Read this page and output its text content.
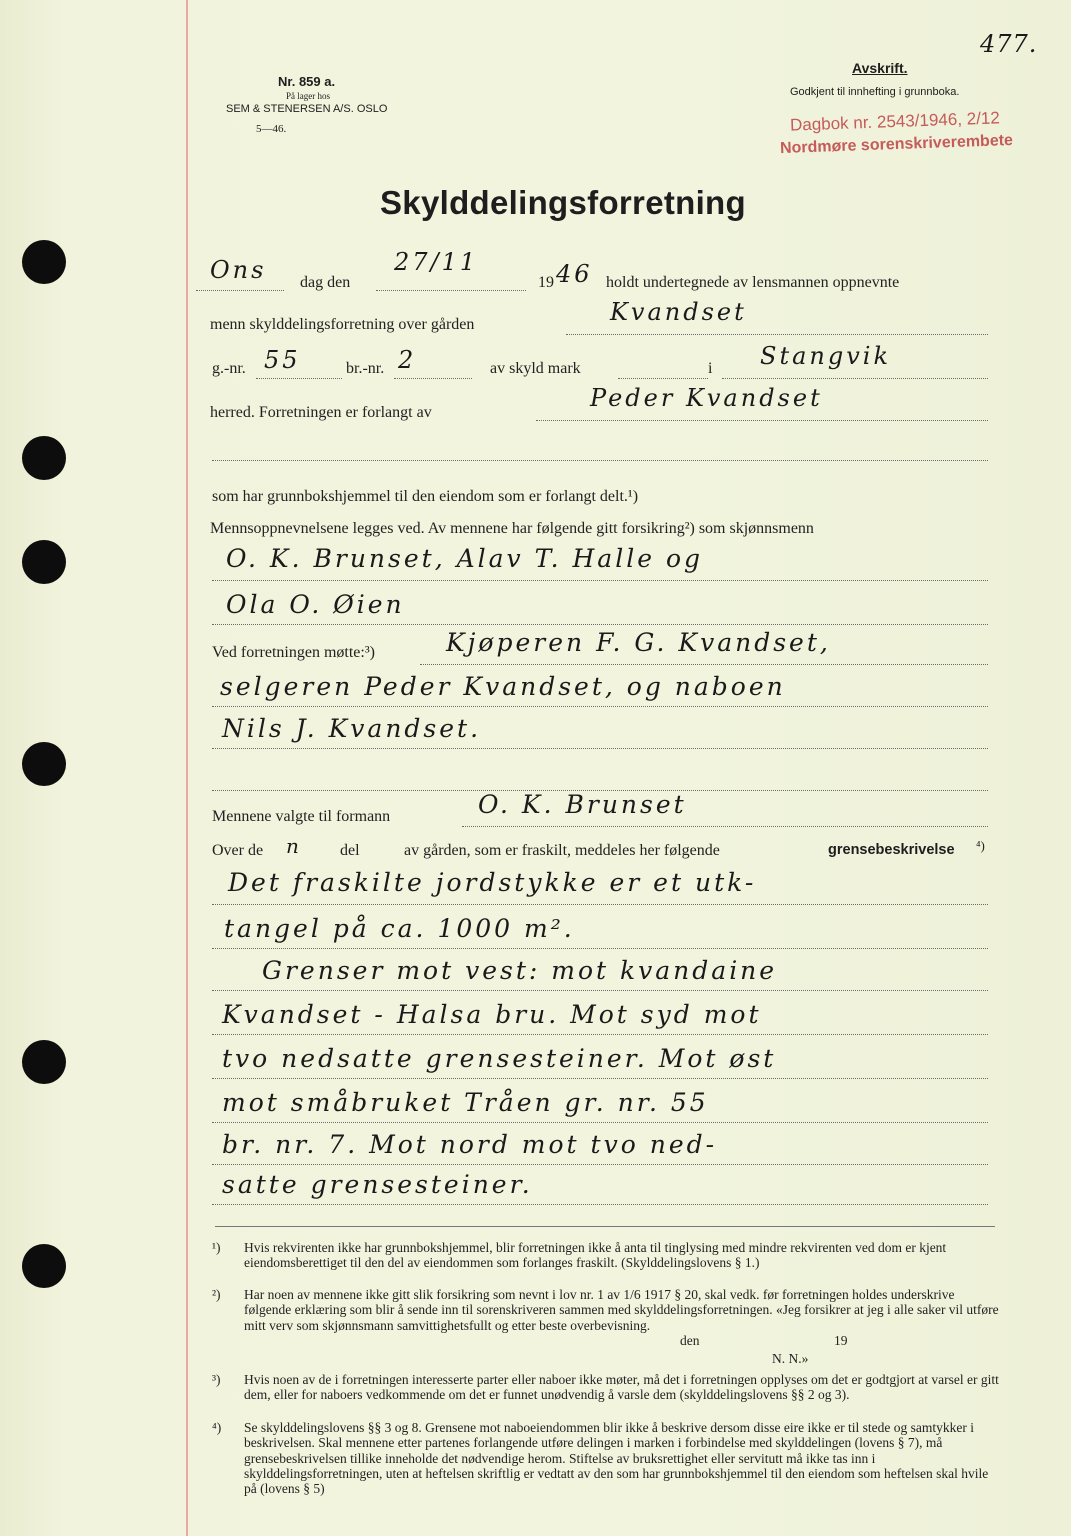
Nr. 859 a.
På lager hos
SEM & STENERSEN A/S. OSLO
5—46.
Avskrift.
Godkjent til innhefting i grunnboka.
477.
Dagbok nr. 2543/1946, 2/12
Nordmøre sorenskriverembete
Skylddelingsforretning
Ons dag den
27/11
19 46 holdt undertegnede av lensmannen oppnevnte
menn skylddelingsforretning over gården	Kvandset
g.-nr. 55	br.-nr. 2	av skyld mark	i Stangvik
herred. Forretningen er forlangt av
Peder Kvandset
som har grunnbokshjemmel til den eiendom som er forlangt delt.¹)
Mennsoppnevnelsene legges ved. Av mennene har følgende gitt forsikring²) som skjønnsmenn
O. K. Brunset, Alav T. Halle og
Ola O. Øien
Ved forretningen møtte:³)	Kjøperen F. G. Kvandset,
selgeren Peder Kvandset, og naboen
Nils J. Kvandset.
Mennene valgte til formann	O. K. Brunset
Over de n del	av gården, som er fraskilt, meddeles her følgende	grensebeskrivelse ⁴)
Det fraskilte jordstykke er et utk-
tangel på ca. 1000 m².
Grenser mot vest: mot kvandaine
Kvandset - Halsa bru. Mot syd mot
tvo nedsatte grensesteiner. Mot øst
mot småbruket Tråen gr. nr. 55
br. nr. 7. Mot nord mot tvo ned-
satte grensesteiner.
¹) Hvis rekvirenten ikke har grunnbokshjemmel, blir forretningen ikke å anta til tinglysing med mindre rekvirenten ved dom er kjent eiendomsberettiget til den del av eiendommen som forlanges fraskilt. (Skylddelingslovens § 1.)
²) Har noen av mennene ikke gitt slik forsikring som nevnt i lov nr. 1 av 1/6 1917 § 20, skal vedk. før forretningen holdes underskrive følgende erklæring som blir å sende inn til sorenskriveren sammen med skylddelingsforretningen. «Jeg forsikrer at jeg i alle saker vil utføre mitt verv som skjønnsmann samvittighetsfullt og etter beste overbevisning.
den	19
N. N.»
³) Hvis noen av de i forretningen interesserte parter eller naboer ikke møter, må det i forretningen opplyses om det er godtgjort at varsel er gitt dem, eller for naboers vedkommende om det er funnet unødvendig å varsle dem (skylddelingslovens §§ 2 og 3).
⁴) Se skylddelingslovens §§ 3 og 8. Grensene mot naboeiendommen blir ikke å beskrive dersom disse eire ikke er til stede og samtykker i beskrivelsen. Skal mennene etter partenes forlangende utføre delingen i marken i forbindelse med skylddelingen (lovens § 7), må grensebeskrivelsen tillike inneholde det nødvendige herom. Stiftelse av bruksrettighet eller servitutt må ikke tas inn i skylddelingsforretningen, uten at heftelsen skriftlig er vedtatt av den som har grunnbokshjemmel til den eiendom som heftelsen skal hvile på (lovens § 5)
